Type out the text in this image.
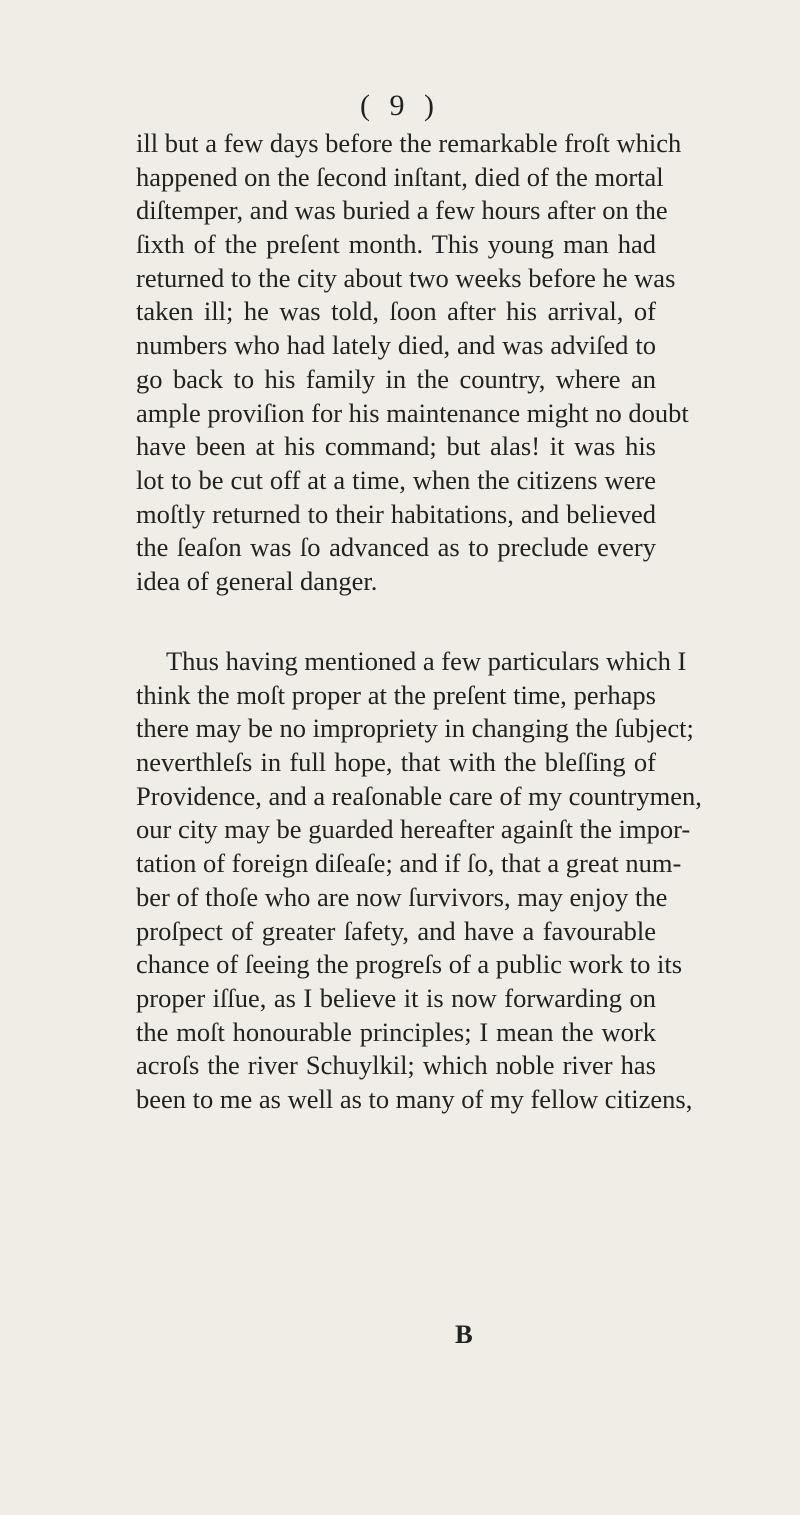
( 9 )
ill but a few days before the remarkable froſt which
happened on the ſecond inſtant, died of the mortal
diſtemper, and was buried a few hours after on the
ſixth of the preſent month. This young man had
returned to the city about two weeks before he was
taken ill; he was told, ſoon after his arrival, of
numbers who had lately died, and was adviſed to
go back to his family in the country, where an
ample proviſion for his maintenance might no doubt
have been at his command; but alas! it was his
lot to be cut off at a time, when the citizens were
moſtly returned to their habitations, and believed
the ſeaſon was ſo advanced as to preclude every
idea of general danger.
Thus having mentioned a few particulars which I
think the moſt proper at the preſent time, perhaps
there may be no impropriety in changing the ſubject;
neverthleſs in full hope, that with the bleſſing of
Providence, and a reaſonable care of my countrymen,
our city may be guarded hereafter againſt the impor-
tation of foreign diſeaſe; and if ſo, that a great num-
ber of thoſe who are now ſurvivors, may enjoy the
proſpect of greater ſafety, and have a favourable
chance of ſeeing the progreſs of a public work to its
proper iſſue, as I believe it is now forwarding on
the moſt honourable principles; I mean the work
acroſs the river Schuylkil; which noble river has
been to me as well as to many of my fellow citizens,
B
